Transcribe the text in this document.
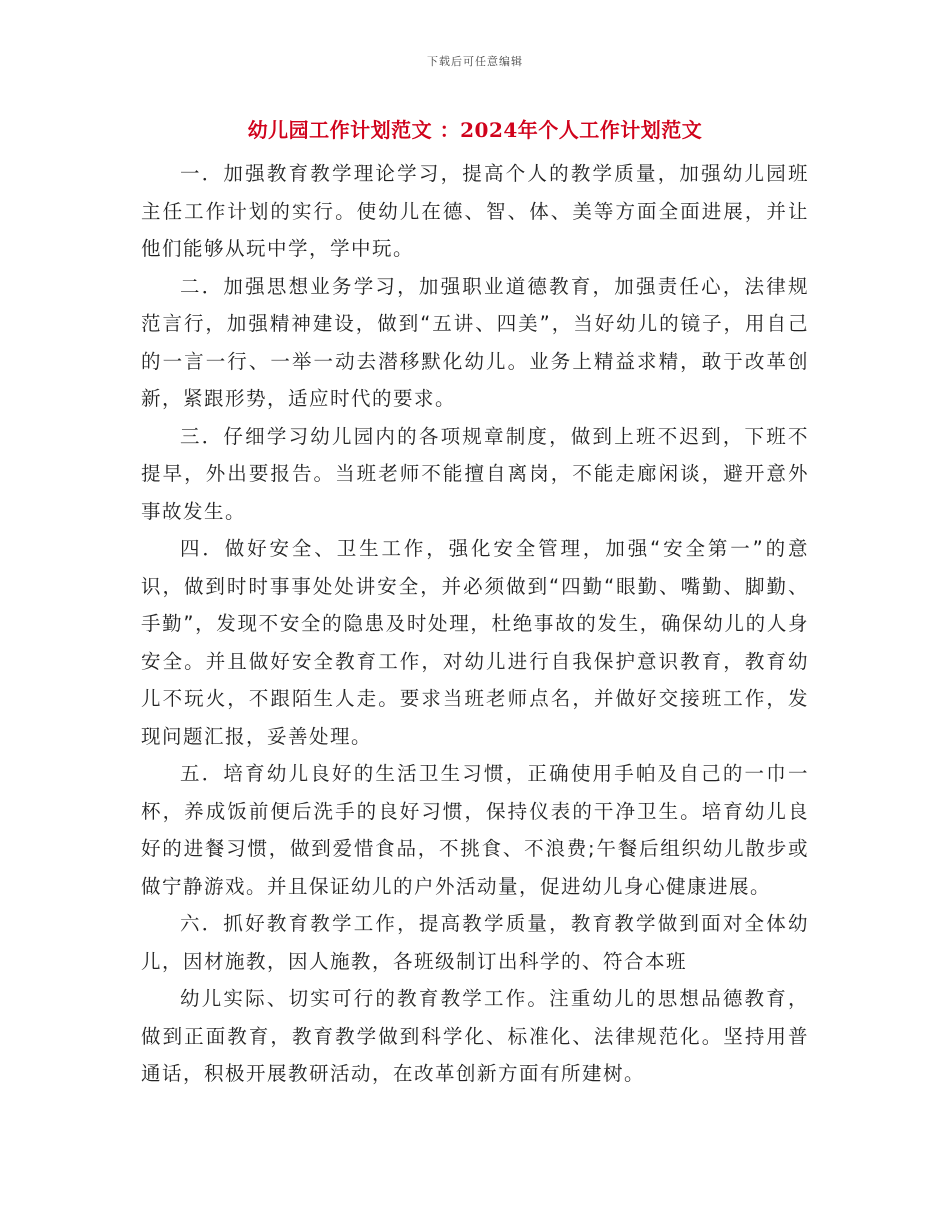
下载后可任意编辑
幼儿园工作计划范文 ：2024年个人工作计划范文

一．加强教育教学理论学习，提高个人的教学质量，加强幼儿园班主任工作计划的实行。使幼儿在德、智、体、美等方面全面进展，并让他们能够从玩中学，学中玩。

二．加强思想业务学习，加强职业道德教育，加强责任心，法律规范言行，加强精神建设，做到“五讲、四美”，当好幼儿的镜子，用自己的一言一行、一举一动去潜移默化幼儿。业务上精益求精，敢于改革创新，紧跟形势，适应时代的要求。

三．仔细学习幼儿园内的各项规章制度，做到上班不迟到，下班不提早，外出要报告。当班老师不能擅自离岗，不能走廊闲谈，避开意外事故发生。

四．做好安全、卫生工作，强化安全管理，加强“安全第一”的意识，做到时时事事处处讲安全，并必须做到“四勤“眼勤、嘴勤、脚勤、手勤”，发现不安全的隐患及时处理，杜绝事故的发生，确保幼儿的人身安全。并且做好安全教育工作，对幼儿进行自我保护意识教育，教育幼儿不玩火，不跟陌生人走。要求当班老师点名，并做好交接班工作，发现问题汇报，妥善处理。

五．培育幼儿良好的生活卫生习惯，正确使用手帕及自己的一巾一杯，养成饭前便后洗手的良好习惯，保持仪表的干净卫生。培育幼儿良好的进餐习惯，做到爱惜食品，不挑食、不浪费;午餐后组织幼儿散步或做宁静游戏。并且保证幼儿的户外活动量，促进幼儿身心健康进展。

六．抓好教育教学工作，提高教学质量，教育教学做到面对全体幼儿，因材施教，因人施教，各班级制订出科学的、符合本班

幼儿实际、切实可行的教育教学工作。注重幼儿的思想品德教育，做到正面教育，教育教学做到科学化、标准化、法律规范化。坚持用普通话，积极开展教研活动，在改革创新方面有所建树。
